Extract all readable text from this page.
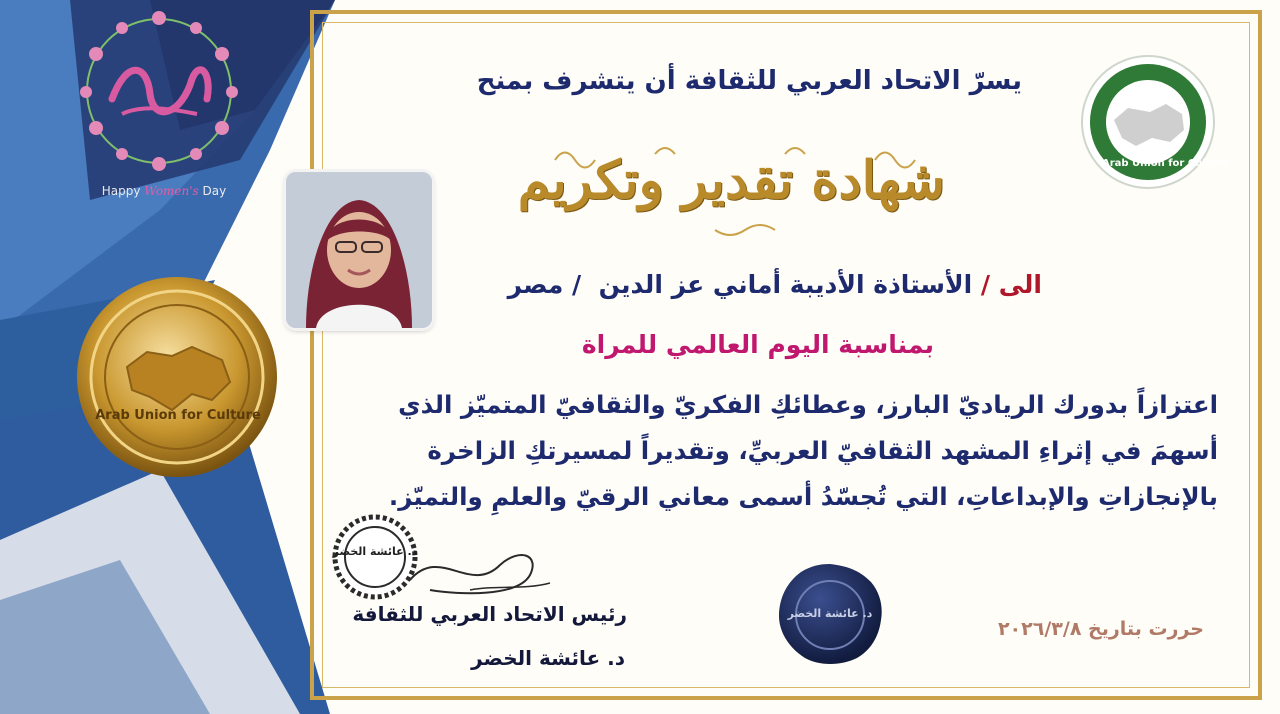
Happy Women's Day
Arab Union for Culture
Arab Union for Culture
يسرّ الاتحاد العربي للثقافة أن يتشرف بمنح
شهادة تقدير وتكريم
الى / الأستاذة الأديبة أماني عز الدين  / مصر
بمناسبة اليوم العالمي للمراة
اعتزازاً بدورك الرياديّ البارز، وعطائكِ الفكريّ والثقافيّ المتميّز الذي
أسهمَ في إثراءِ المشهد الثقافيّ العربيِّ، وتقديراً لمسيرتكِ الزاخرة
بالإنجازاتِ والإبداعاتِ، التي تُجسّدُ أسمى معاني الرقيّ والعلمِ والتميّز.
د. عائشة الخضر
رئيس الاتحاد العربي للثقافة
د. عائشة الخضر
د. عائشة الخضر
حررت بتاريخ ٢٠٢٦/٣/٨
